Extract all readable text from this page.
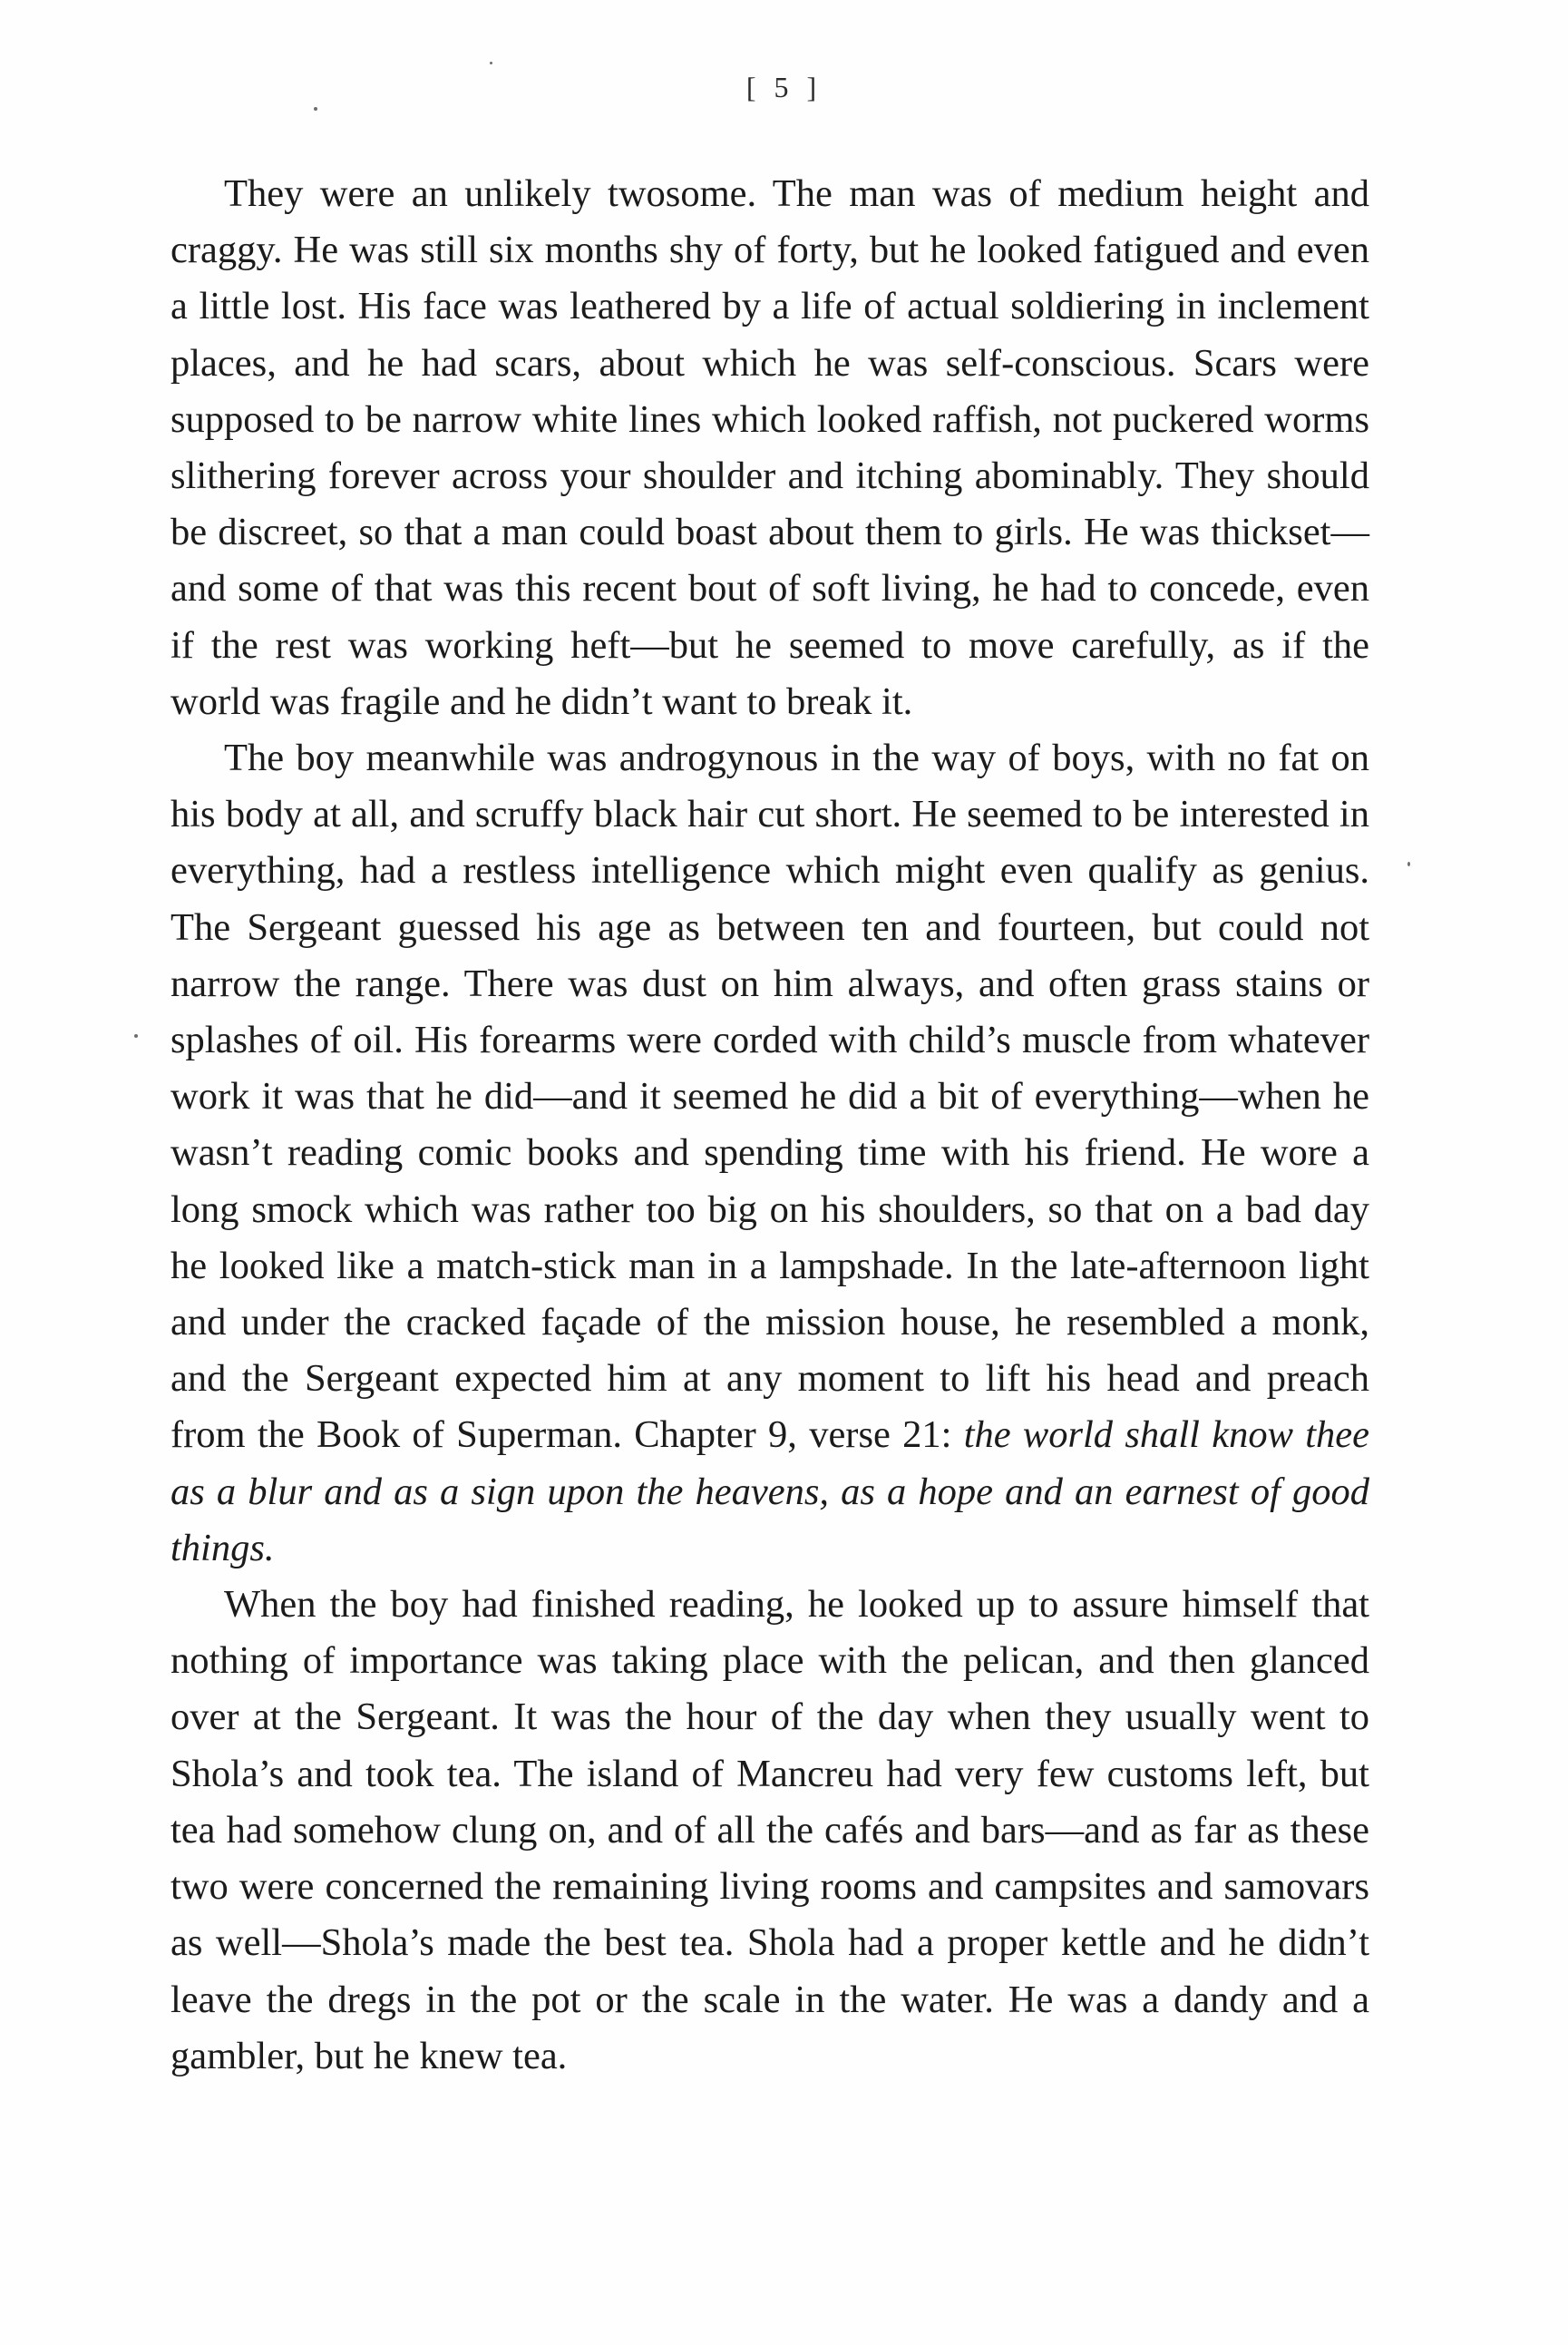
[ 5 ]

They were an unlikely twosome. The man was of medium height and craggy. He was still six months shy of forty, but he looked fatigued and even a little lost. His face was leathered by a life of actual soldiering in inclement places, and he had scars, about which he was self-conscious. Scars were supposed to be narrow white lines which looked raffish, not puckered worms slithering forever across your shoulder and itching abominably. They should be discreet, so that a man could boast about them to girls. He was thickset—and some of that was this recent bout of soft living, he had to concede, even if the rest was working heft—but he seemed to move carefully, as if the world was fragile and he didn’t want to break it.

The boy meanwhile was androgynous in the way of boys, with no fat on his body at all, and scruffy black hair cut short. He seemed to be interested in everything, had a restless intelligence which might even qualify as genius. The Sergeant guessed his age as between ten and fourteen, but could not narrow the range. There was dust on him always, and often grass stains or splashes of oil. His forearms were corded with child’s muscle from whatever work it was that he did—and it seemed he did a bit of everything—when he wasn’t reading comic books and spending time with his friend. He wore a long smock which was rather too big on his shoulders, so that on a bad day he looked like a match-stick man in a lampshade. In the late-afternoon light and under the cracked façade of the mission house, he resembled a monk, and the Sergeant expected him at any moment to lift his head and preach from the Book of Superman. Chapter 9, verse 21: the world shall know thee as a blur and as a sign upon the heavens, as a hope and an earnest of good things.

When the boy had finished reading, he looked up to assure himself that nothing of importance was taking place with the pelican, and then glanced over at the Sergeant. It was the hour of the day when they usually went to Shola’s and took tea. The island of Mancreu had very few customs left, but tea had somehow clung on, and of all the cafés and bars—and as far as these two were concerned the remaining living rooms and campsites and samovars as well—Shola’s made the best tea. Shola had a proper kettle and he didn’t leave the dregs in the pot or the scale in the water. He was a dandy and a gambler, but he knew tea.
